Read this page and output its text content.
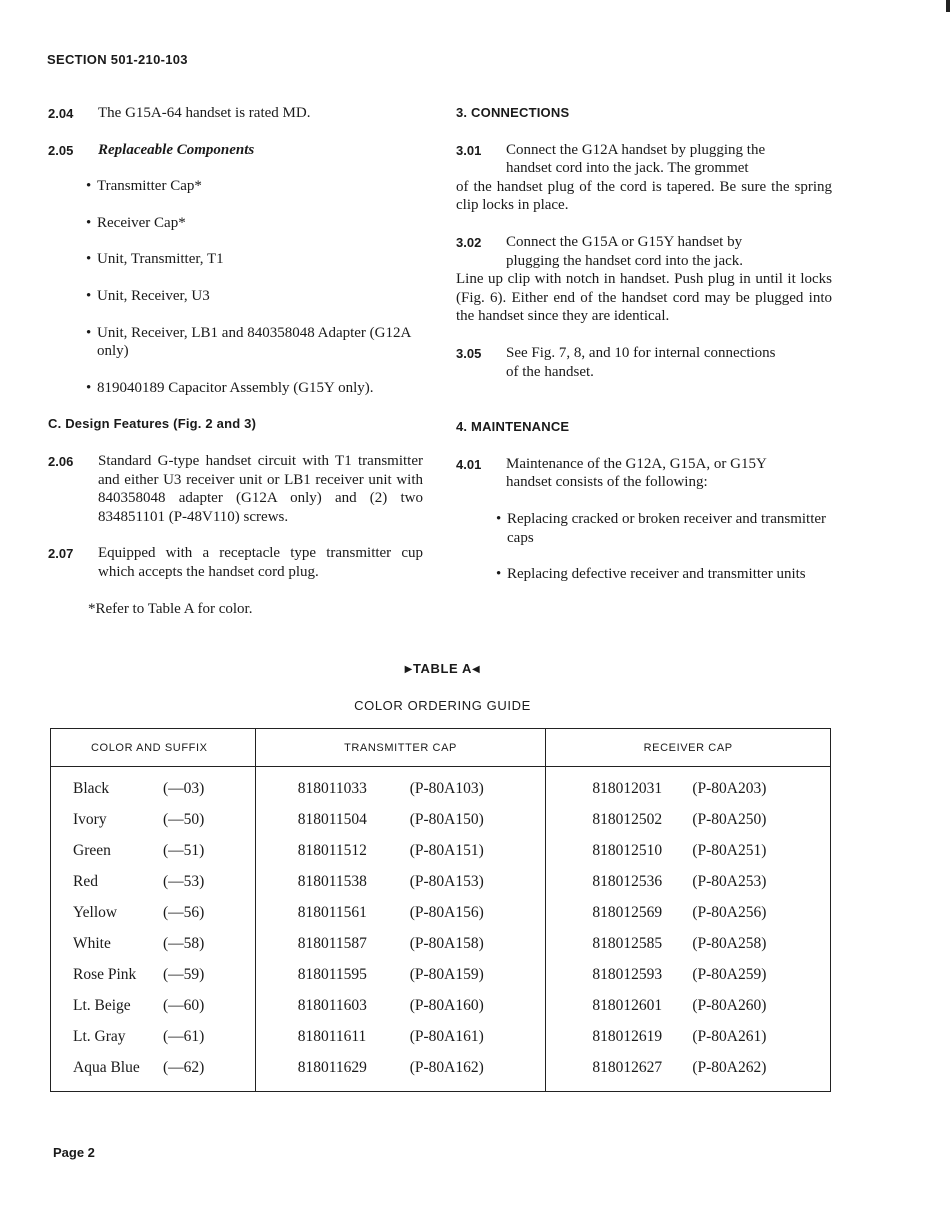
SECTION 501-210-103

2.04	The G15A-64 handset is rated MD.

2.05	Replaceable Components

• Transmitter Cap*
• Receiver Cap*
• Unit, Transmitter, T1
• Unit, Receiver, U3
• Unit, Receiver, LB1 and 840358048 Adapter (G12A only)
• 819040189 Capacitor Assembly (G15Y only).

C. Design Features (Fig. 2 and 3)

2.06	Standard G-type handset circuit with T1 transmitter and either U3 receiver unit or LB1 receiver unit with 840358048 adapter (G12A only) and (2) two 834851101 (P-48V110) screws.

2.07	Equipped with a receptacle type transmitter cup which accepts the handset cord plug.

*Refer to Table A for color.

3. CONNECTIONS

3.01	Connect the G12A handset by plugging the
handset cord into the jack. The grommet
of the handset plug of the cord is tapered. Be sure the spring clip locks in place.

3.02	Connect the G15A or G15Y handset by
plugging the handset cord into the jack.
Line up clip with notch in handset. Push plug in until it locks (Fig. 6). Either end of the handset cord may be plugged into the handset since they are identical.

3.05	See Fig. 7, 8, and 10 for internal connections
of the handset.

4. MAINTENANCE

4.01	Maintenance of the G12A, G15A, or G15Y
handset consists of the following:

• Replacing cracked or broken receiver and transmitter caps
• Replacing defective receiver and transmitter units
▶TABLE A◀
COLOR ORDERING GUIDE
COLOR AND SUFFIX	TRANSMITTER CAP	RECEIVER CAP
Black (—03)	818011033 (P-80A103)	818012031 (P-80A203)
Ivory (—50)	818011504 (P-80A150)	818012502 (P-80A250)
Green (—51)	818011512 (P-80A151)	818012510 (P-80A251)
Red (—53)	818011538 (P-80A153)	818012536 (P-80A253)
Yellow (—56)	818011561 (P-80A156)	818012569 (P-80A256)
White (—58)	818011587 (P-80A158)	818012585 (P-80A258)
Rose Pink (—59)	818011595 (P-80A159)	818012593 (P-80A259)
Lt. Beige (—60)	818011603 (P-80A160)	818012601 (P-80A260)
Lt. Gray (—61)	818011611 (P-80A161)	818012619 (P-80A261)
Aqua Blue (—62)	818011629 (P-80A162)	818012627 (P-80A262)
Page 2
